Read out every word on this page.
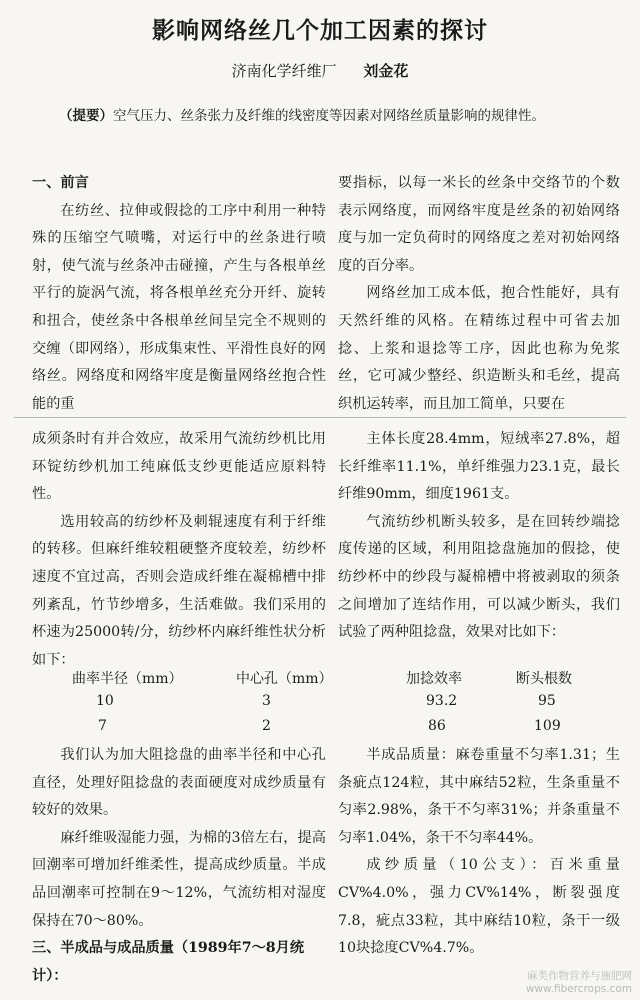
影响网络丝几个加工因素的探讨
济南化学纤维厂 刘金花
（提要）空气压力、丝条张力及纤维的线密度等因素对网络丝质量影响的规律性。
一、前言

在纺丝、拉伸或假捻的工序中利用一种特殊的压缩空气喷嘴，对运行中的丝条进行喷射，使气流与丝条冲击碰撞，产生与各根单丝平行的旋涡气流，将各根单丝充分开纤、旋转和扭合，使丝条中各根单丝间呈完全不规则的交缠（即网络），形成集束性、平滑性良好的网络丝。网络度和网络牢度是衡量网络丝抱合性能的重

要指标，以每一米长的丝条中交络节的个数表示网络度，而网络牢度是丝条的初始网络度与加一定负荷时的网络度之差对初始网络度的百分率。

网络丝加工成本低，抱合性能好，具有天然纤维的风格。在精练过程中可省去加捻、上浆和退捻等工序，因此也称为免浆丝，它可减少整经、织造断头和毛丝，提高织机运转率，而且加工简单，只要在

成须条时有并合效应，故采用气流纺纱机比用环锭纺纱机加工纯麻低支纱更能适应原料特性。

选用较高的纺纱杯及刺辊速度有利于纤维的转移。但麻纤维较粗硬整齐度较差，纺纱杯速度不宜过高，否则会造成纤维在凝棉槽中排列紊乱，竹节纱增多，生活难做。我们采用的杯速为25000转/分，纺纱杯内麻纤维性状分析如下：

主体长度28.4mm，短绒率27.8%，超长纤维率11.1%，单纤维强力23.1克，最长纤维90mm，细度1961支。

气流纺纱机断头较多，是在回转纱端捻度传递的区域，利用阻捻盘施加的假捻，使纺纱杯中的纱段与凝棉槽中将被剥取的须条之间增加了连结作用，可以减少断头，我们试验了两种阻捻盘，效果对比如下：

曲率半径（mm）	中心孔（mm）	加捻效率	断头根数
10	3	93.2	95
7	2	86	109

我们认为加大阻捻盘的曲率半径和中心孔直径，处理好阻捻盘的表面硬度对成纱质量有较好的效果。

麻纤维吸湿能力强，为棉的3倍左右，提高回潮率可增加纤维柔性，提高成纱质量。半成品回潮率可控制在9～12%，气流纺相对湿度保持在70～80%。

三、半成品与成品质量（1989年7～8月统计）：

半成品质量：麻卷重量不匀率1.31；生条疵点124粒，其中麻结52粒，生条重量不匀率2.98%，条干不匀率31%；并条重量不匀率1.04%，条干不匀率44%。

成纱质量（10公支）：百米重量CV%4.0%，强力CV%14%，断裂强度7.8，疵点33粒，其中麻结10粒，条干一级10块捻度CV%4.7%。

麻类作物营养与施肥网
www.fibercrops.com
